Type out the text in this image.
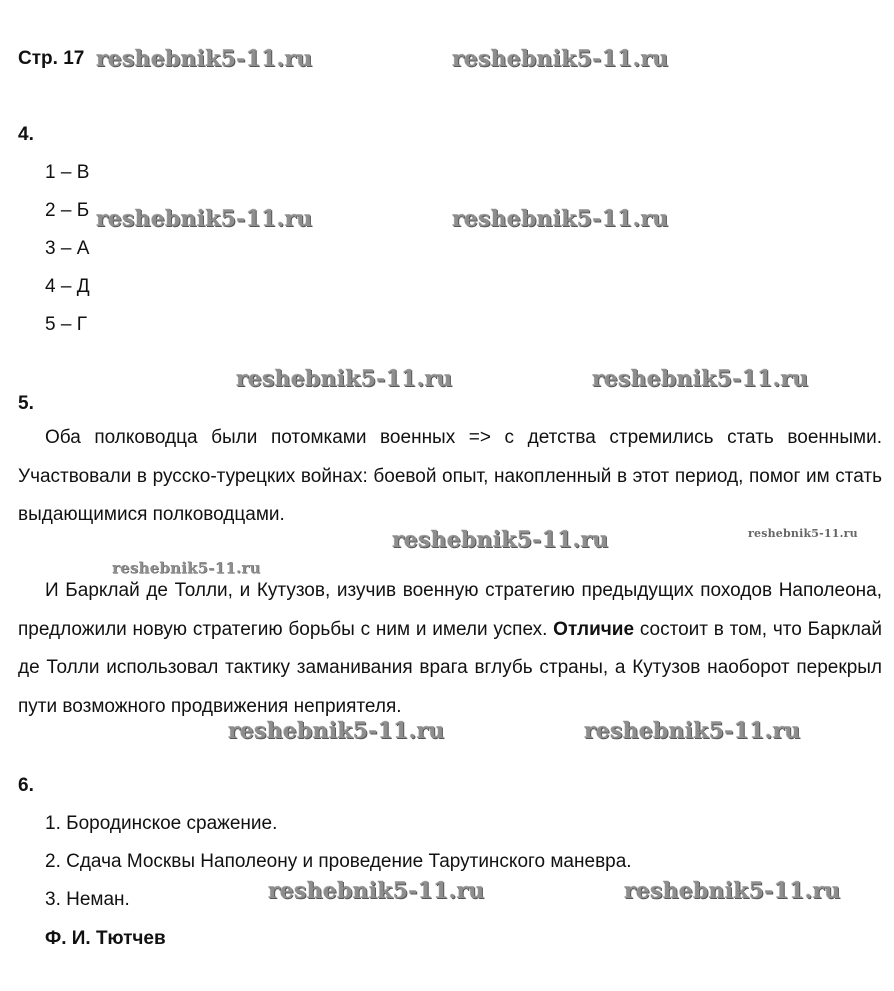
Стр. 17
4.
1 – В
2 – Б
3 – А
4 – Д
5 – Г
5.

Оба полководца были потомками военных => с детства стремились стать военными. Участвовали в русско-турецких войнах: боевой опыт, накопленный в этот период, помог им стать выдающимися полководцами.

И Барклай де Толли, и Кутузов, изучив военную стратегию предыдущих походов Наполеона, предложили новую стратегию борьбы с ним и имели успех. Отличие состоит в том, что Барклай де Толли использовал тактику заманивания врага вглубь страны, а Кутузов наоборот перекрыл пути возможного продвижения неприятеля.

6.
1. Бородинское сражение.
2. Сдача Москвы Наполеону и проведение Тарутинского маневра.
3. Неман.
Ф. И. Тютчев
reshebnik5-11.ru	reshebnik5-11.ru
reshebnik5-11.ru	reshebnik5-11.ru
reshebnik5-11.ru	reshebnik5-11.ru
reshebnik5-11.ru	reshebnik5-11.ru
reshebnik5-11.ru
reshebnik5-11.ru	reshebnik5-11.ru
reshebnik5-11.ru	reshebnik5-11.ru
